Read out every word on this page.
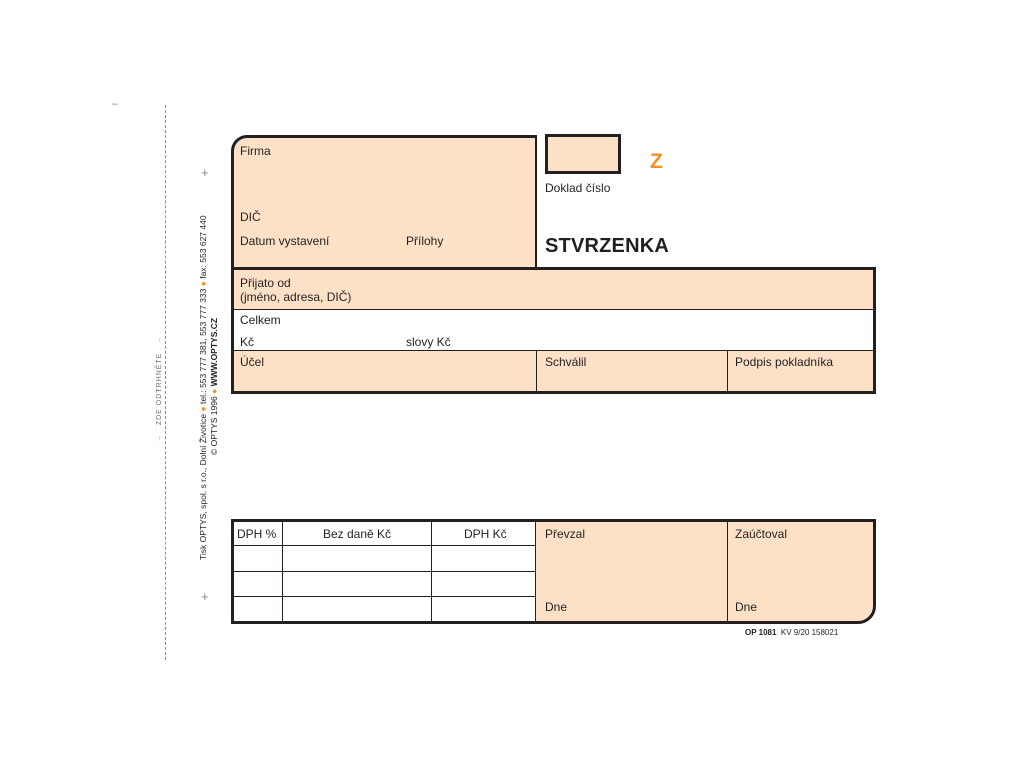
–
→   ZDE ODTRHNĚTE   →
Tisk OPTYS, spol. s r.o., Dolní Životice ● tel.: 553 777 381, 553 777 333 ● fax: 553 627 440
© OPTYS 1996 ● WWW.OPTYS.CZ
+
+
Firma
DIČ
Datum vystavení	Přílohy
Z
Doklad číslo
STVRZENKA
Přijato od
(jméno, adresa, DIČ)
Celkem
Kč	slovy Kč
Účel	Schválil	Podpis pokladníka
DPH %	Bez daně Kč	DPH Kč	Převzal	Zaúčtoval
Dne	Dne
OP 1081 KV 9/20 158021
